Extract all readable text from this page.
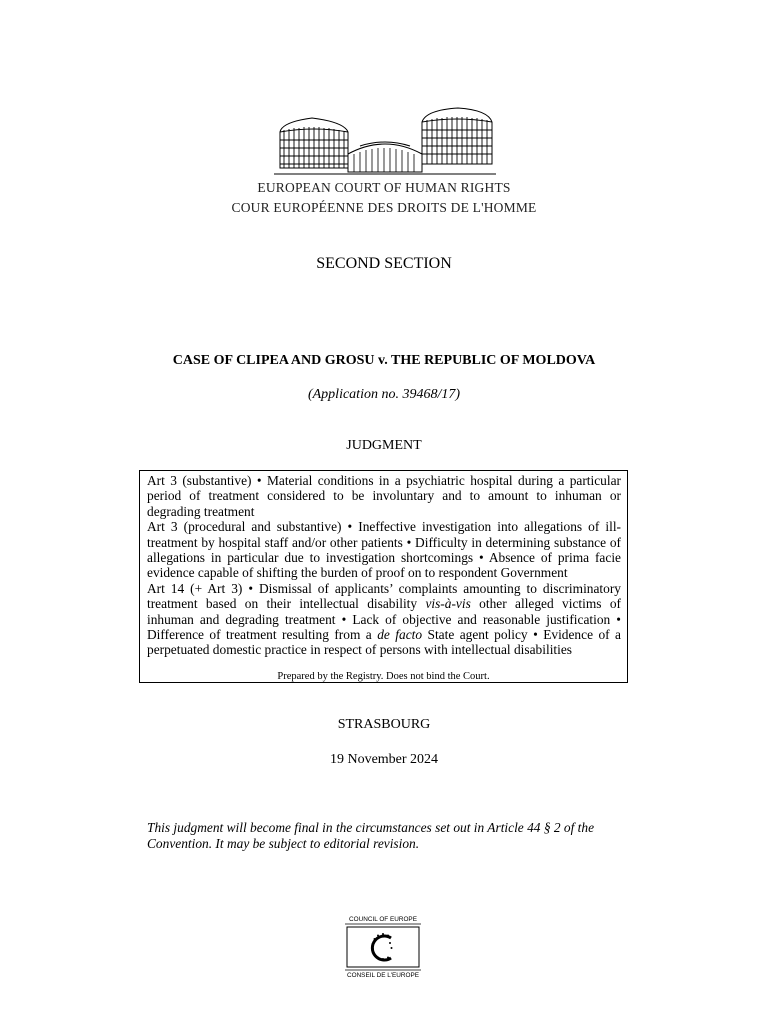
EUROPEAN COURT OF HUMAN RIGHTS
COUR EUROPÉENNE DES DROITS DE L'HOMME
SECOND SECTION
CASE OF CLIPEA AND GROSU v. THE REPUBLIC OF MOLDOVA
(Application no. 39468/17)
JUDGMENT

Art 3 (substantive) • Material conditions in a psychiatric hospital during a particular period of treatment considered to be involuntary and to amount to inhuman or degrading treatment

Art 3 (procedural and substantive) • Ineffective investigation into allegations of ill-treatment by hospital staff and/or other patients • Difficulty in determining substance of allegations in particular due to investigation shortcomings • Absence of prima facie evidence capable of shifting the burden of proof on to respondent Government

Art 14 (+ Art 3) • Dismissal of applicants’ complaints amounting to discriminatory treatment based on their intellectual disability vis-à-vis other alleged victims of inhuman and degrading treatment • Lack of objective and reasonable justification • Difference of treatment resulting from a de facto State agent policy • Evidence of a perpetuated domestic practice in respect of persons with intellectual disabilities

Prepared by the Registry. Does not bind the Court.
STRASBOURG
19 November 2024
This judgment will become final in the circumstances set out in Article 44 § 2 of the Convention. It may be subject to editorial revision.
COUNCIL OF EUROPE
CONSEIL DE L'EUROPE
